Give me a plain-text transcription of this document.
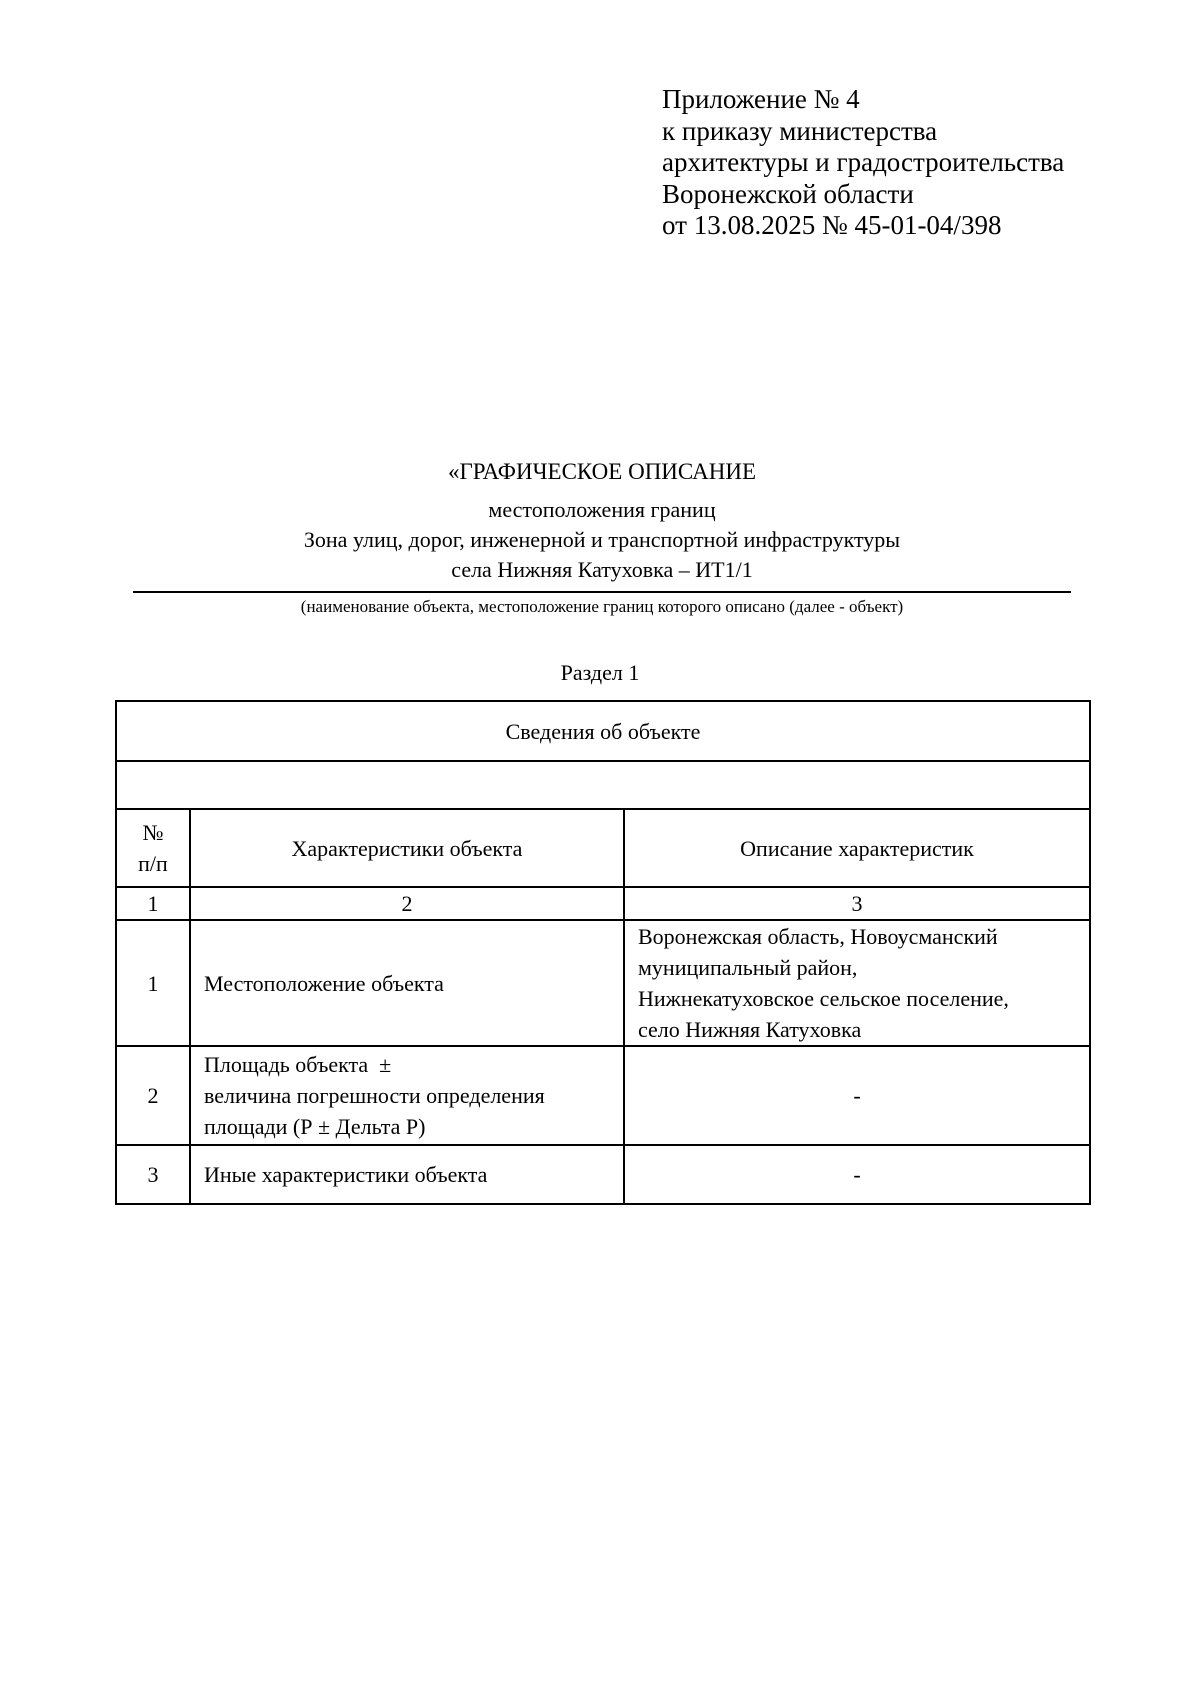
Приложение № 4
к приказу министерства
архитектуры и градостроительства
Воронежской области
от 13.08.2025 № 45-01-04/398
«ГРАФИЧЕСКОЕ ОПИСАНИЕ
местоположения границ
Зона улиц, дорог, инженерной и транспортной инфраструктуры
села Нижняя Катуховка – ИТ1/1
(наименование объекта, местоположение границ которого описано (далее - объект)
Раздел 1
Сведения об объекте		

№
п/п	Характеристики объекта	Описание характеристик
1	2	3
1	Местоположение объекта	Воронежская область, Новоусманский
муниципальный район,
Нижнекатуховское сельское поселение,
село Нижняя Катуховка

2	Площадь объекта  ±
величина погрешности определения
площади (Р ± Дельта Р)	-
3	Иные характеристики объекта	-
